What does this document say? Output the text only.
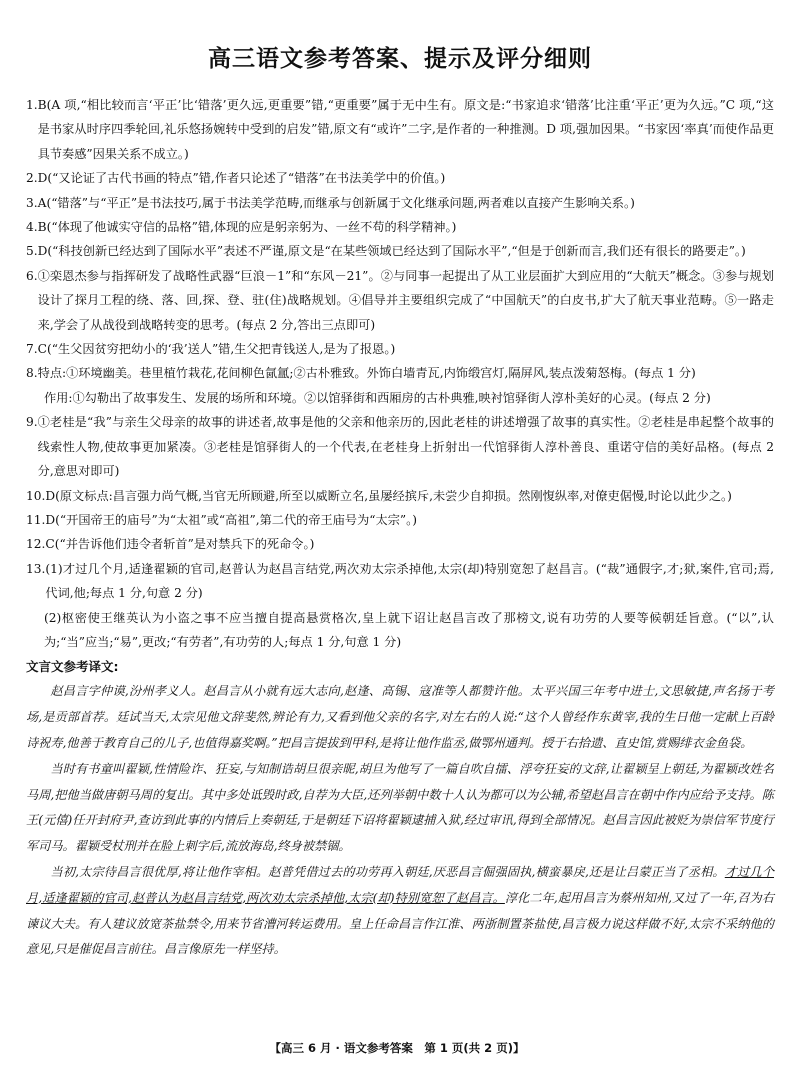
高三语文参考答案、提示及评分细则
1. B(A 项,“相比较而言‘平正’比‘错落’更久远,更重要”错,“更重要”属于无中生有。原文是:“书家追求‘错落’比注重‘平正’更为久远。”C 项,“这是书家从时序四季轮回,礼乐悠扬婉转中受到的启发”错,原文有“或许”二字,是作者的一种推测。D 项,强加因果。“书家因‘率真’而使作品更具节奏感”因果关系不成立。)
2. D(“又论证了古代书画的特点”错,作者只论述了“错落”在书法美学中的价值。)
3. A(“错落”与“平正”是书法技巧,属于书法美学范畴,而继承与创新属于文化继承问题,两者难以直接产生影响关系。)
4. B(“体现了他诚实守信的品格”错,体现的应是躬亲躬为、一丝不苟的科学精神。)
5. D(“科技创新已经达到了国际水平”表述不严谨,原文是“在某些领域已经达到了国际水平”,“但是于创新而言,我们还有很长的路要走”。)
6. ①栾恩杰参与指挥研发了战略性武器“巨浪－1”和“东风－21”。②与同事一起提出了从工业层面扩大到应用的“大航天”概念。③参与规划设计了探月工程的绕、落、回,探、登、驻(住)战略规划。④倡导并主要组织完成了“中国航天”的白皮书,扩大了航天事业范畴。⑤一路走来,学会了从战役到战略转变的思考。(每点 2 分,答出三点即可)
7. C(“生父因贫穷把幼小的‘我’送人”错,生父把青钱送人,是为了报恩。)
8. 特点:①环境幽美。巷里植竹栽花,花间柳色氤氲;②古朴雅致。外饰白墙青瓦,内饰缎宫灯,隔屏风,装点泼菊怒梅。(每点 1 分)
作用:①勾勒出了故事发生、发展的场所和环境。②以馆驿街和西厢房的古朴典雅,映衬馆驿街人淳朴美好的心灵。(每点 2 分)
9. ①老桂是“我”与亲生父母亲的故事的讲述者,故事是他的父亲和他亲历的,因此老桂的讲述增强了故事的真实性。②老桂是串起整个故事的线索性人物,使故事更加紧凑。③老桂是馆驿街人的一个代表,在老桂身上折射出一代馆驿街人淳朴善良、重诺守信的美好品格。(每点 2 分,意思对即可)
10. D(原文标点:昌言强力尚气概,当官无所顾避,所至以威断立名,虽屡经摈斥,未尝少自抑损。然刚愎纵率,对僚吏倨慢,时论以此少之。)
11. D(“开国帝王的庙号”为“太祖”或“高祖”,第二代的帝王庙号为“太宗”。)
12. C(“并告诉他们违令者斩首”是对禁兵下的死命令。)
13. (1)才过几个月,适逢翟颖的官司,赵普认为赵昌言结党,两次劝太宗杀掉他,太宗(却)特别宽恕了赵昌言。(“裁”通假字,才;狱,案件,官司;焉,代词,他;每点 1 分,句意 2 分)
(2)枢密使王继英认为小盗之事不应当擅自提高悬赏格次,皇上就下诏让赵昌言改了那榜文,说有功劳的人要等候朝廷旨意。(“以”,认为;“当”应当;“易”,更改;“有劳者”,有功劳的人;每点 1 分,句意 1 分)
文言文参考译文:

赵昌言字仲谟,汾州孝义人。赵昌言从小就有远大志向,赵逢、高锡、寇准等人都赞许他。太平兴国三年考中进士,文思敏捷,声名扬于考场,是贡部首荐。廷试当天,太宗见他文辞斐然,辨论有力,又看到他父亲的名字,对左右的人说:“这个人曾经作东黄宰,我的生日他一定献上百龄诗祝寿,他善于教育自己的儿子,也值得嘉奖啊。”把昌言提拔到甲科,是将让他作监丞,做鄂州通判。授于右拾遗、直史馆,赏赐绯衣金鱼袋。

当时有书童叫翟颖,性情险诈、狂妄,与知制诰胡旦很亲昵,胡旦为他写了一篇自吹自擂、浮夸狂妄的文辞,让翟颖呈上朝廷,为翟颖改姓名马周,把他当做唐朝马周的复出。其中多处诋毁时政,自荐为大臣,还列举朝中数十人认为都可以为公辅,希望赵昌言在朝中作内应给予支持。陈王(元僖)任开封府尹,查访到此事的内情后上奏朝廷,于是朝廷下诏将翟颖逮捕入狱,经过审讯,得到全部情况。赵昌言因此被贬为崇信军节度行军司马。翟颖受杖刑并在脸上刺字后,流放海岛,终身被禁锢。

当初,太宗待昌言很优厚,将让他作宰相。赵普凭借过去的功劳再入朝廷,厌恶昌言倔强固执,横蛮暴戾,还是让吕蒙正当了丞相。才过几个月,适逢翟颖的官司,赵普认为赵昌言结党,两次劝太宗杀掉他,太宗(却)特别宽恕了赵昌言。淳化二年,起用昌言为蔡州知州,又过了一年,召为右谏议大夫。有人建议放宽茶盐禁令,用来节省漕河转运费用。皇上任命昌言作江淮、两浙制置茶盐使,昌言极力说这样做不好,太宗不采纳他的意见,只是催促昌言前往。昌言像原先一样坚持。

【高三 6 月 · 语文参考答案　第 1 页(共 2 页)】
